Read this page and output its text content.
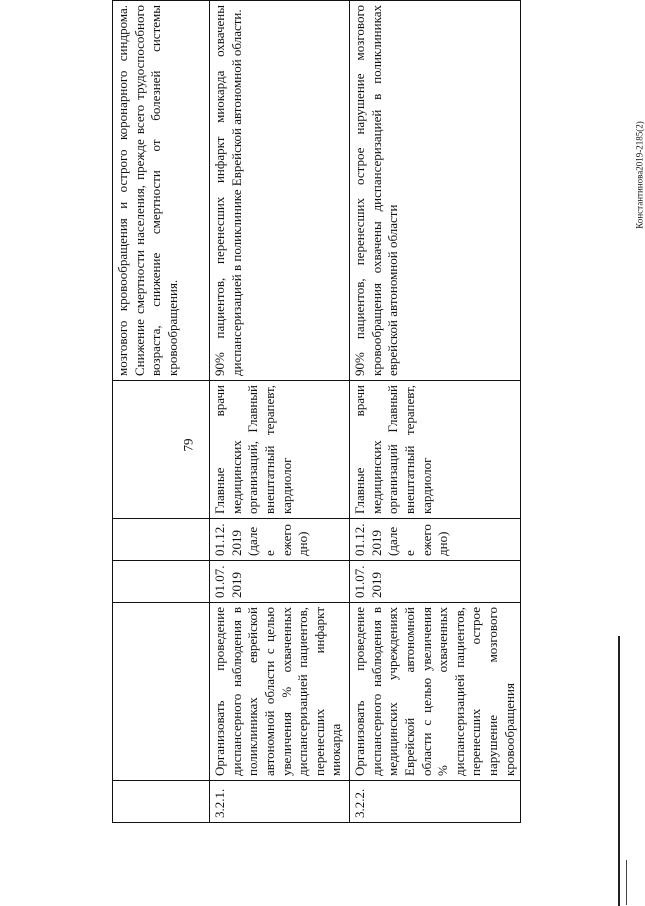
79
Константинова2019-2185(2)
					мозгового кровообращения и острого коронарного синдрома. Снижение смертности населения, прежде всего трудоспособного возраста, снижение смертности от болезней системы кровообращения.
3.2.1.	Организовать проведение диспансерного наблюдения в поликлиниках еврейской автономной области с целью увеличения % охваченных диспансеризацией пациентов, перенесших инфаркт миокарда	01.07. 2019	01.12. 2019 (далее ежегодно)	Главные врачи медицинских организаций, Главный внештатный терапевт, кардиолог	90% пациентов, перенесших инфаркт миокарда охвачены диспансеризацией в поликлинике Еврейской автономной области.
3.2.2.	Организовать проведение диспансерного наблюдения в медицинских учреждениях Еврейской автономной области с целью увеличения % охваченных диспансеризацией пациентов, перенесших острое нарушение мозгового кровообращения	01.07. 2019	01.12. 2019 (далее ежегодно)	Главные врачи медицинских организаций Главный внештатный терапевт, кардиолог	90% пациентов, перенесших острое нарушение мозгового кровообращения охвачены диспансеризацией в поликлиниках еврейской автономной области
